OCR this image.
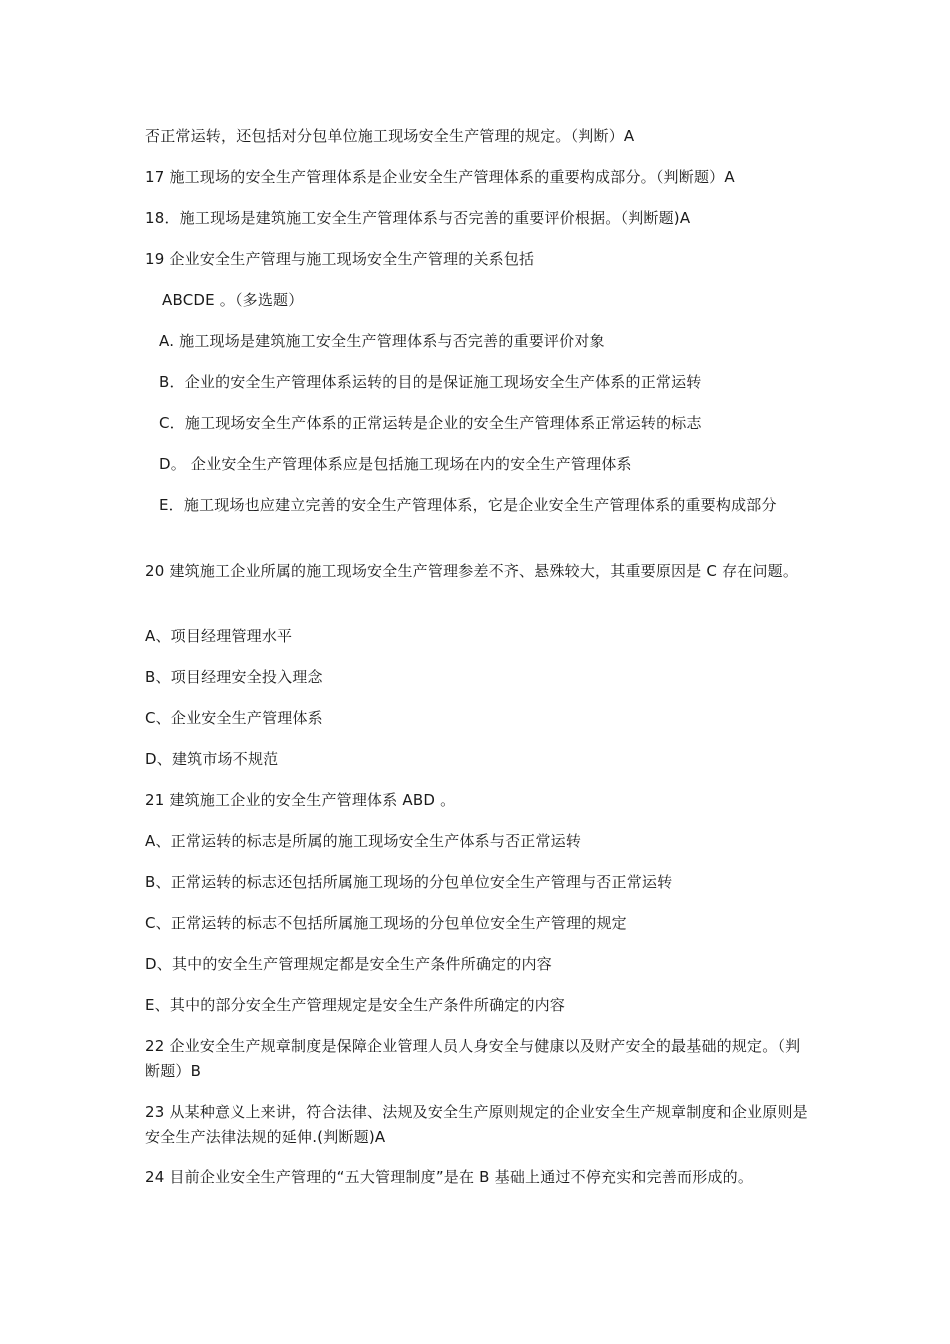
否正常运转，还包括对分包单位施工现场安全生产管理的规定。（判断）A
17 施工现场的安全生产管理体系是企业安全生产管理体系的重要构成部分。（判断题）A
18．施工现场是建筑施工安全生产管理体系与否完善的重要评价根据。（判断题)A
19 企业安全生产管理与施工现场安全生产管理的关系包括
ABCDE 。（多选题）
A. 施工现场是建筑施工安全生产管理体系与否完善的重要评价对象
B．企业的安全生产管理体系运转的目的是保证施工现场安全生产体系的正常运转
C．施工现场安全生产体系的正常运转是企业的安全生产管理体系正常运转的标志
D。 企业安全生产管理体系应是包括施工现场在内的安全生产管理体系
E．施工现场也应建立完善的安全生产管理体系，它是企业安全生产管理体系的重要构成部分
20 建筑施工企业所属的施工现场安全生产管理参差不齐、悬殊较大，其重要原因是 C 存在问题。
A、项目经理管理水平
B、项目经理安全投入理念
C、企业安全生产管理体系
D、建筑市场不规范
21 建筑施工企业的安全生产管理体系 ABD 。
A、正常运转的标志是所属的施工现场安全生产体系与否正常运转
B、正常运转的标志还包括所属施工现场的分包单位安全生产管理与否正常运转
C、正常运转的标志不包括所属施工现场的分包单位安全生产管理的规定
D、其中的安全生产管理规定都是安全生产条件所确定的内容
E、其中的部分安全生产管理规定是安全生产条件所确定的内容
22 企业安全生产规章制度是保障企业管理人员人身安全与健康以及财产安全的最基础的规定。（判断题）B
23 从某种意义上来讲，符合法律、法规及安全生产原则规定的企业安全生产规章制度和企业原则是安全生产法律法规的延伸.(判断题)A
24 目前企业安全生产管理的“五大管理制度”是在 B 基础上通过不停充实和完善而形成的。
